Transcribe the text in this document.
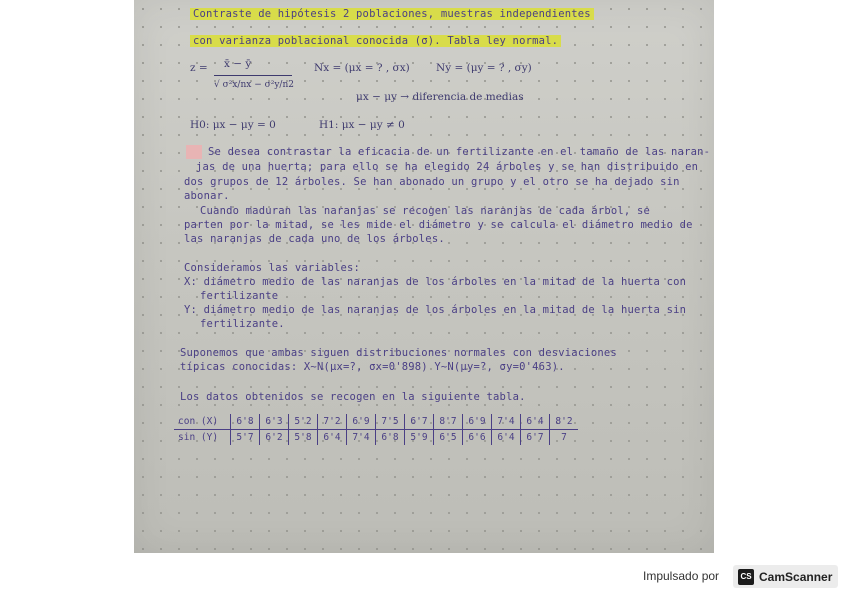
Contraste de hipótesis 2 poblaciones, muestras independientes
con varianza poblacional conocida (σ). Tabla ley normal.
z = x̄ − ȳ
√ σ²x/nx − σ²y/n2
Nx = (μx = ? , σx)	Ny = (μy = ? , σy)
μx − μy → diferencia de medias
H0: μx − μy = 0	H1: μx − μy ≠ 0
Se desea contrastar la eficacia de un fertilizante en el tamaño de las naran-
jas de una huerta; para ello se ha elegido 24 árboles y se han distribuido en
dos grupos de 12 árboles. Se han abonado un grupo y el otro se ha dejado sin
abonar.
Cuando maduran las naranjas se recogen las naranjas de cada árbol, se
parten por la mitad, se les mide el diámetro y se calcula el diámetro medio de
las naranjas de cada uno de los árboles.
Consideramos las variables:
X: diámetro medio de las naranjas de los árboles en la mitad de la huerta con
fertilizante
Y: diámetro medio de las naranjas de los árboles en la mitad de la huerta sin
fertilizante.
Suponemos que ambas siguen distribuciones normales con desviaciones
típicas conocidas: X~N(μx=?, σx=0'898) Y~N(μy=?, σy=0'463).
Los datos obtenidos se recogen en la siguiente tabla.
con (X)	6'8	6'3	5'2	7'2	6'9	7'5	6'7	8'7	6'9	7'4	6'4	8'2
sin (Y)	5'7	6'2	5'8	6'4	7'4	6'8	5'9	6'5	6'6	6'4	6'7	7
Impulsado por	CS CamScanner
